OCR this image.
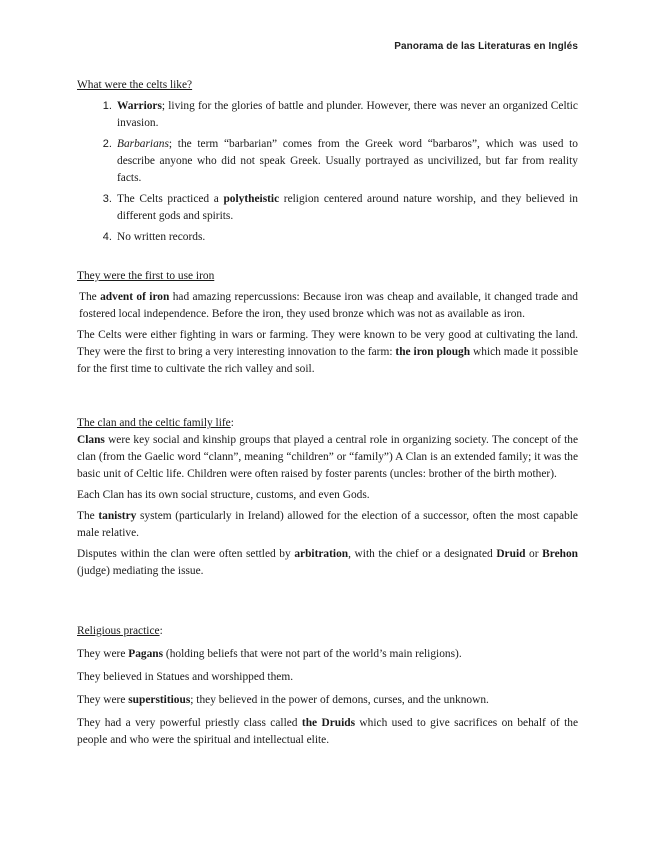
Panorama de las Literaturas en Inglés
What were the celts like?
1. Warriors; living for the glories of battle and plunder. However, there was never an organized Celtic invasion.
2. Barbarians; the term “barbarian” comes from the Greek word “barbaros”, which was used to describe anyone who did not speak Greek. Usually portrayed as uncivilized, but far from reality facts.
3. The Celts practiced a polytheistic religion centered around nature worship, and they believed in different gods and spirits.
4. No written records.
They were the first to use iron

The advent of iron had amazing repercussions: Because iron was cheap and available, it changed trade and fostered local independence. Before the iron, they used bronze which was not as available as iron.

The Celts were either fighting in wars or farming. They were known to be very good at cultivating the land. They were the first to bring a very interesting innovation to the farm: the iron plough which made it possible for the first time to cultivate the rich valley and soil.

The clan and the celtic family life:

Clans were key social and kinship groups that played a central role in organizing society. The concept of the clan (from the Gaelic word “clann”, meaning “children” or “family”) A Clan is an extended family; it was the basic unit of Celtic life. Children were often raised by foster parents (uncles: brother of the birth mother).

Each Clan has its own social structure, customs, and even Gods.

The tanistry system (particularly in Ireland) allowed for the election of a successor, often the most capable male relative.

Disputes within the clan were often settled by arbitration, with the chief or a designated Druid or Brehon (judge) mediating the issue.

Religious practice:

They were Pagans (holding beliefs that were not part of the world’s main religions).

They believed in Statues and worshipped them.

They were superstitious; they believed in the power of demons, curses, and the unknown.

They had a very powerful priestly class called the Druids which used to give sacrifices on behalf of the people and who were the spiritual and intellectual elite.
